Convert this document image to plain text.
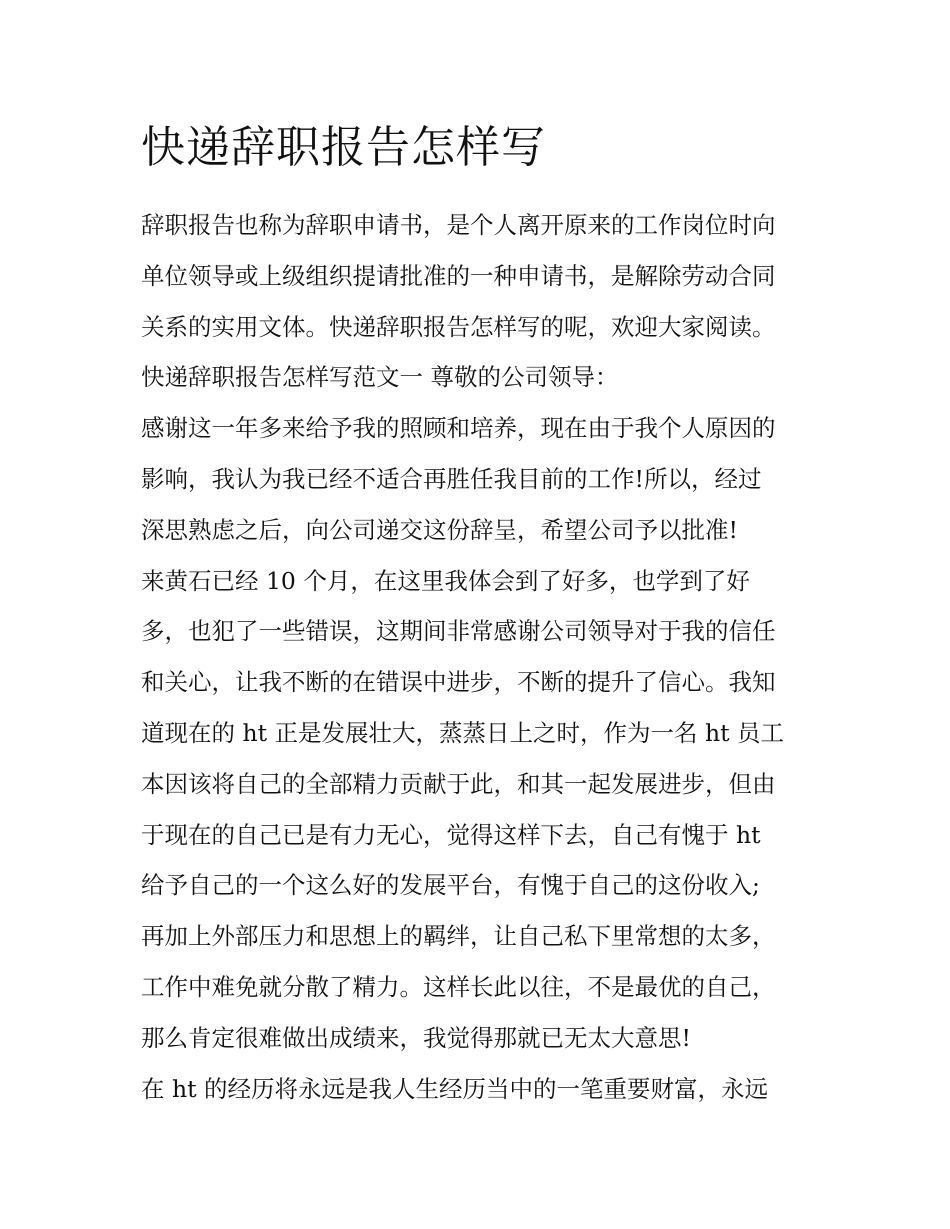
快递辞职报告怎样写
辞职报告也称为辞职申请书，是个人离开原来的工作岗位时向
单位领导或上级组织提请批准的一种申请书，是解除劳动合同
关系的实用文体。快递辞职报告怎样写的呢，欢迎大家阅读。
快递辞职报告怎样写范文一 尊敬的公司领导：
感谢这一年多来给予我的照顾和培养，现在由于我个人原因的
影响，我认为我已经不适合再胜任我目前的工作!所以，经过
深思熟虑之后，向公司递交这份辞呈，希望公司予以批准!
来黄石已经 10 个月，在这里我体会到了好多，也学到了好
多，也犯了一些错误，这期间非常感谢公司领导对于我的信任
和关心，让我不断的在错误中进步，不断的提升了信心。我知
道现在的 ht 正是发展壮大，蒸蒸日上之时，作为一名 ht 员工
本因该将自己的全部精力贡献于此，和其一起发展进步，但由
于现在的自己已是有力无心，觉得这样下去，自己有愧于 ht
给予自己的一个这么好的发展平台，有愧于自己的这份收入;
再加上外部压力和思想上的羁绊，让自己私下里常想的太多，
工作中难免就分散了精力。这样长此以往，不是最优的自己，
那么肯定很难做出成绩来，我觉得那就已无太大意思!
在 ht 的经历将永远是我人生经历当中的一笔重要财富，永远
